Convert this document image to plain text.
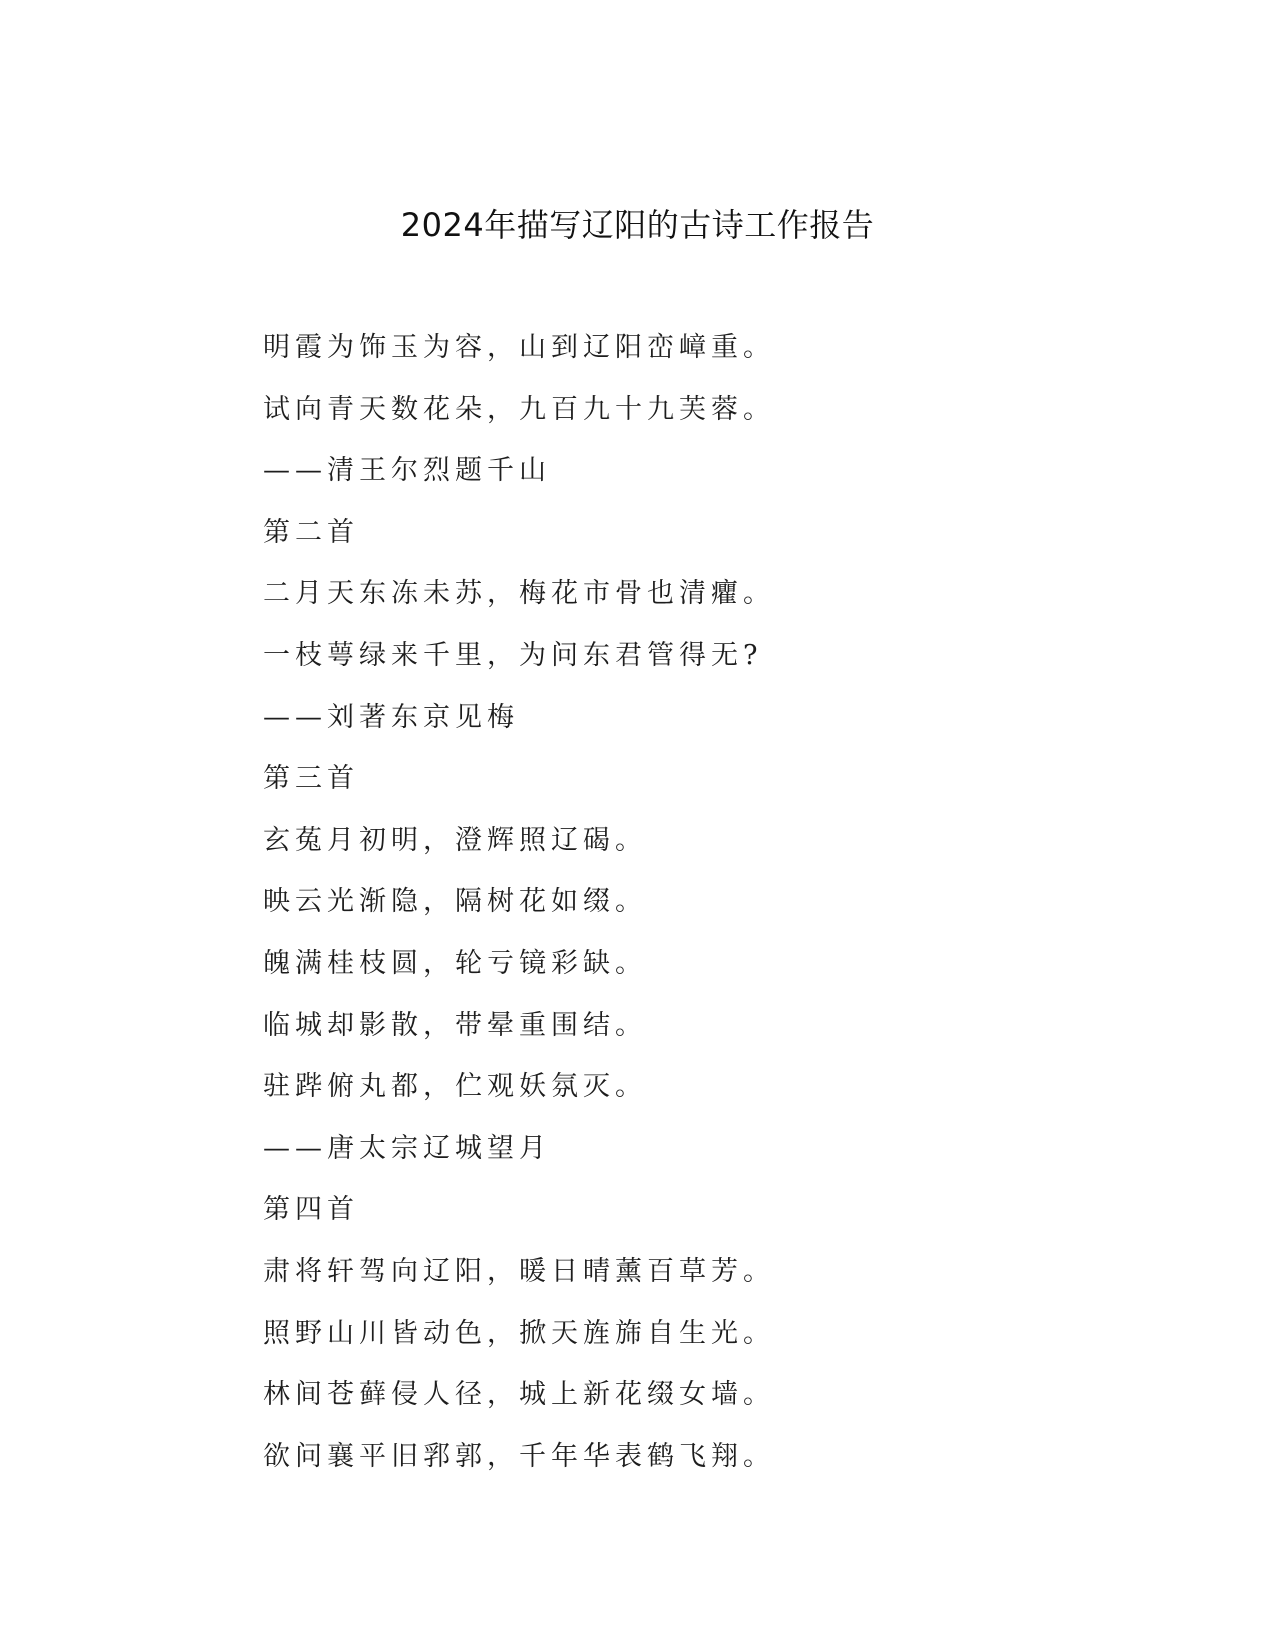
2024年描写辽阳的古诗工作报告
明霞为饰玉为容，山到辽阳峦嶂重。
试向青天数花朵，九百九十九芙蓉。
——清王尔烈题千山
第二首
二月天东冻未苏，梅花市骨也清癯。
一枝萼绿来千里，为问东君管得无?
——刘著东京见梅
第三首
玄菟月初明，澄辉照辽碣。
映云光渐隐，隔树花如缀。
魄满桂枝圆，轮亏镜彩缺。
临城却影散，带晕重围结。
驻跸俯丸都，伫观妖氛灭。
——唐太宗辽城望月
第四首
肃将轩驾向辽阳，暖日晴薰百草芳。
照野山川皆动色，掀天旌旆自生光。
林间苍藓侵人径，城上新花缀女墙。
欲问襄平旧郛郭，千年华表鹤飞翔。
